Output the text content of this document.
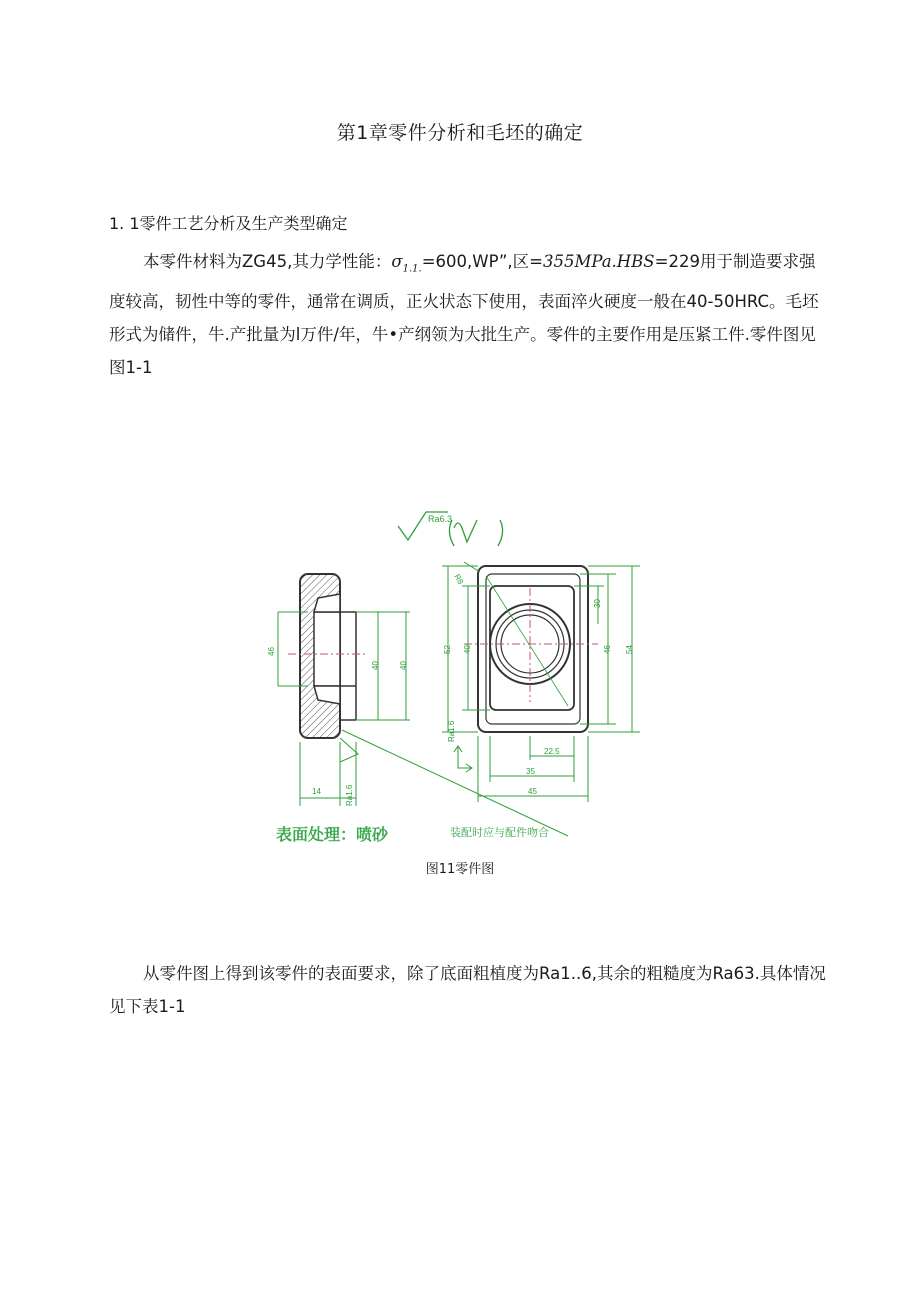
第1章零件分析和毛坯的确定
1. 1零件工艺分析及生产类型确定
本零件材料为ZG45,其力学性能：$\sigma_{1.1.}=600,WP$”,区=355MPa.HBS=229用于制造要求强度较高，韧性中等的零件，通常在调质，正火状态下使用，表面淬火硬度一般在40-50HRC。毛坯形式为储件，牛.产批量为l万件/年，牛•产纲领为大批生产。零件的主要作用是压紧工件.零件图见图1-1
Ra6.3
46
40 40
14	Ra1.6
R8
52 40	46 54
30
45
35
22.5
Ra1.6
表面处理：喷砂	装配时应与配件吻合
图11零件图
从零件图上得到该零件的表面要求，除了底面粗植度为Ra1..6,其余的粗糙度为Ra63.具体情况见下表1-1
